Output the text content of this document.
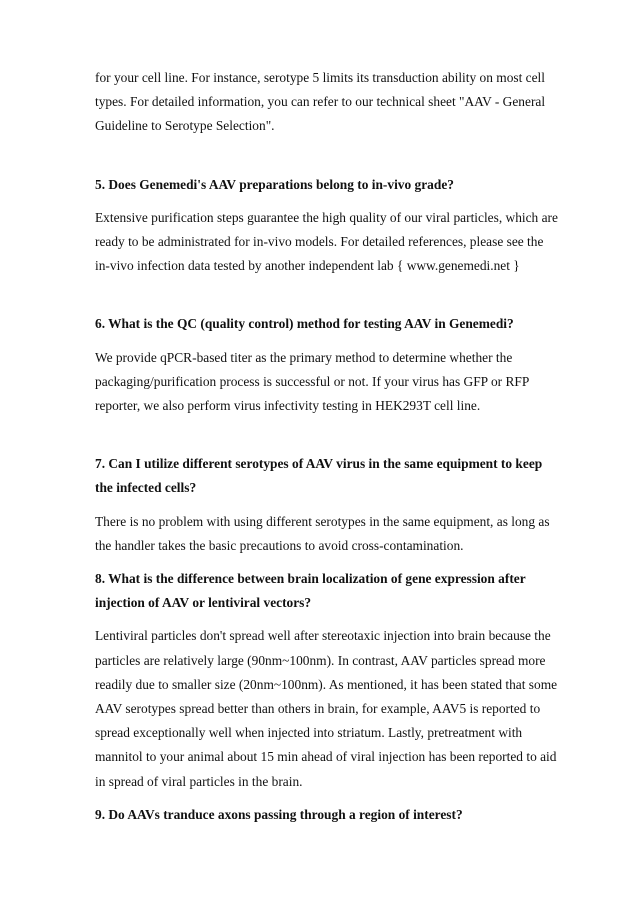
for your cell line. For instance, serotype 5 limits its transduction ability on most cell
types. For detailed information, you can refer to our technical sheet "AAV - General
Guideline to Serotype Selection".

5. Does Genemedi's AAV preparations belong to in-vivo grade?

Extensive purification steps guarantee the high quality of our viral particles, which are
ready to be administrated for in-vivo models. For detailed references, please see the
in-vivo infection data tested by another independent lab { www.genemedi.net }

6. What is the QC (quality control) method for testing AAV in Genemedi?

We provide qPCR-based titer as the primary method to determine whether the
packaging/purification process is successful or not. If your virus has GFP or RFP
reporter, we also perform virus infectivity testing in HEK293T cell line.

7. Can I utilize different serotypes of AAV virus in the same equipment to keep
the infected cells?

There is no problem with using different serotypes in the same equipment, as long as
the handler takes the basic precautions to avoid cross-contamination.

8. What is the difference between brain localization of gene expression after
injection of AAV or lentiviral vectors?

Lentiviral particles don't spread well after stereotaxic injection into brain because the
particles are relatively large (90nm~100nm). In contrast, AAV particles spread more
readily due to smaller size (20nm~100nm). As mentioned, it has been stated that some
AAV serotypes spread better than others in brain, for example, AAV5 is reported to
spread exceptionally well when injected into striatum. Lastly, pretreatment with
mannitol to your animal about 15 min ahead of viral injection has been reported to aid
in spread of viral particles in the brain.

9. Do AAVs tranduce axons passing through a region of interest?
